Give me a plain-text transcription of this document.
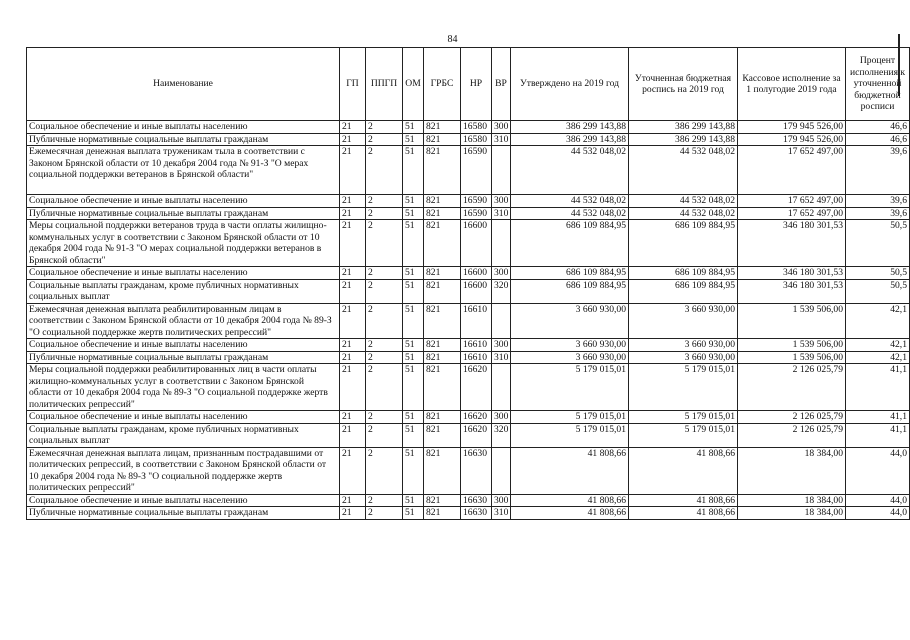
84
Наименование	ГП	ППГП	ОМ	ГРБС	НР	ВР	Утверждено на 2019 год	Уточненная бюджетная роспись на 2019 год	Кассовое исполнение за 1 полугодие 2019 года	Процент исполнения к уточненной бюджетной росписи
Социальное обеспечение и иные выплаты населению	21	2	51	821	16580	300	386 299 143,88	386 299 143,88	179 945 526,00	46,6
Публичные нормативные социальные выплаты гражданам	21	2	51	821	16580	310	386 299 143,88	386 299 143,88	179 945 526,00	46,6
Ежемесячная денежная выплата труженикам тыла в соответствии с Законом Брянской области от 10 декабря 2004 года № 91-З "О мерах социальной поддержки ветеранов в Брянской области"	21	2	51	821	16590		44 532 048,02	44 532 048,02	17 652 497,00	39,6
Социальное обеспечение и иные выплаты населению	21	2	51	821	16590	300	44 532 048,02	44 532 048,02	17 652 497,00	39,6
Публичные нормативные социальные выплаты гражданам	21	2	51	821	16590	310	44 532 048,02	44 532 048,02	17 652 497,00	39,6
Меры социальной поддержки ветеранов труда в части оплаты жилищно-коммунальных услуг в соответствии с Законом Брянской области от 10 декабря 2004 года № 91-З "О мерах социальной поддержки ветеранов в Брянской области"	21	2	51	821	16600		686 109 884,95	686 109 884,95	346 180 301,53	50,5
Социальное обеспечение и иные выплаты населению	21	2	51	821	16600	300	686 109 884,95	686 109 884,95	346 180 301,53	50,5
Социальные выплаты гражданам, кроме публичных нормативных социальных выплат	21	2	51	821	16600	320	686 109 884,95	686 109 884,95	346 180 301,53	50,5
Ежемесячная денежная выплата реабилитированным лицам в соответствии с Законом Брянской области от 10 декабря 2004 года № 89-З "О социальной поддержке жертв политических репрессий"	21	2	51	821	16610		3 660 930,00	3 660 930,00	1 539 506,00	42,1
Социальное обеспечение и иные выплаты населению	21	2	51	821	16610	300	3 660 930,00	3 660 930,00	1 539 506,00	42,1
Публичные нормативные социальные выплаты гражданам	21	2	51	821	16610	310	3 660 930,00	3 660 930,00	1 539 506,00	42,1
Меры социальной поддержки реабилитированных лиц в части оплаты жилищно-коммунальных услуг в соответствии с Законом Брянской области от 10 декабря 2004 года № 89-З "О социальной поддержке жертв политических репрессий"	21	2	51	821	16620		5 179 015,01	5 179 015,01	2 126 025,79	41,1
Социальное обеспечение и иные выплаты населению	21	2	51	821	16620	300	5 179 015,01	5 179 015,01	2 126 025,79	41,1
Социальные выплаты гражданам, кроме публичных нормативных социальных выплат	21	2	51	821	16620	320	5 179 015,01	5 179 015,01	2 126 025,79	41,1
Ежемесячная денежная выплата лицам, признанным пострадавшими от политических репрессий, в соответствии с Законом Брянской области от 10 декабря 2004 года № 89-З "О социальной поддержке жертв политических репрессий"	21	2	51	821	16630		41 808,66	41 808,66	18 384,00	44,0
Социальное обеспечение и иные выплаты населению	21	2	51	821	16630	300	41 808,66	41 808,66	18 384,00	44,0
Публичные нормативные социальные выплаты гражданам	21	2	51	821	16630	310	41 808,66	41 808,66	18 384,00	44,0
